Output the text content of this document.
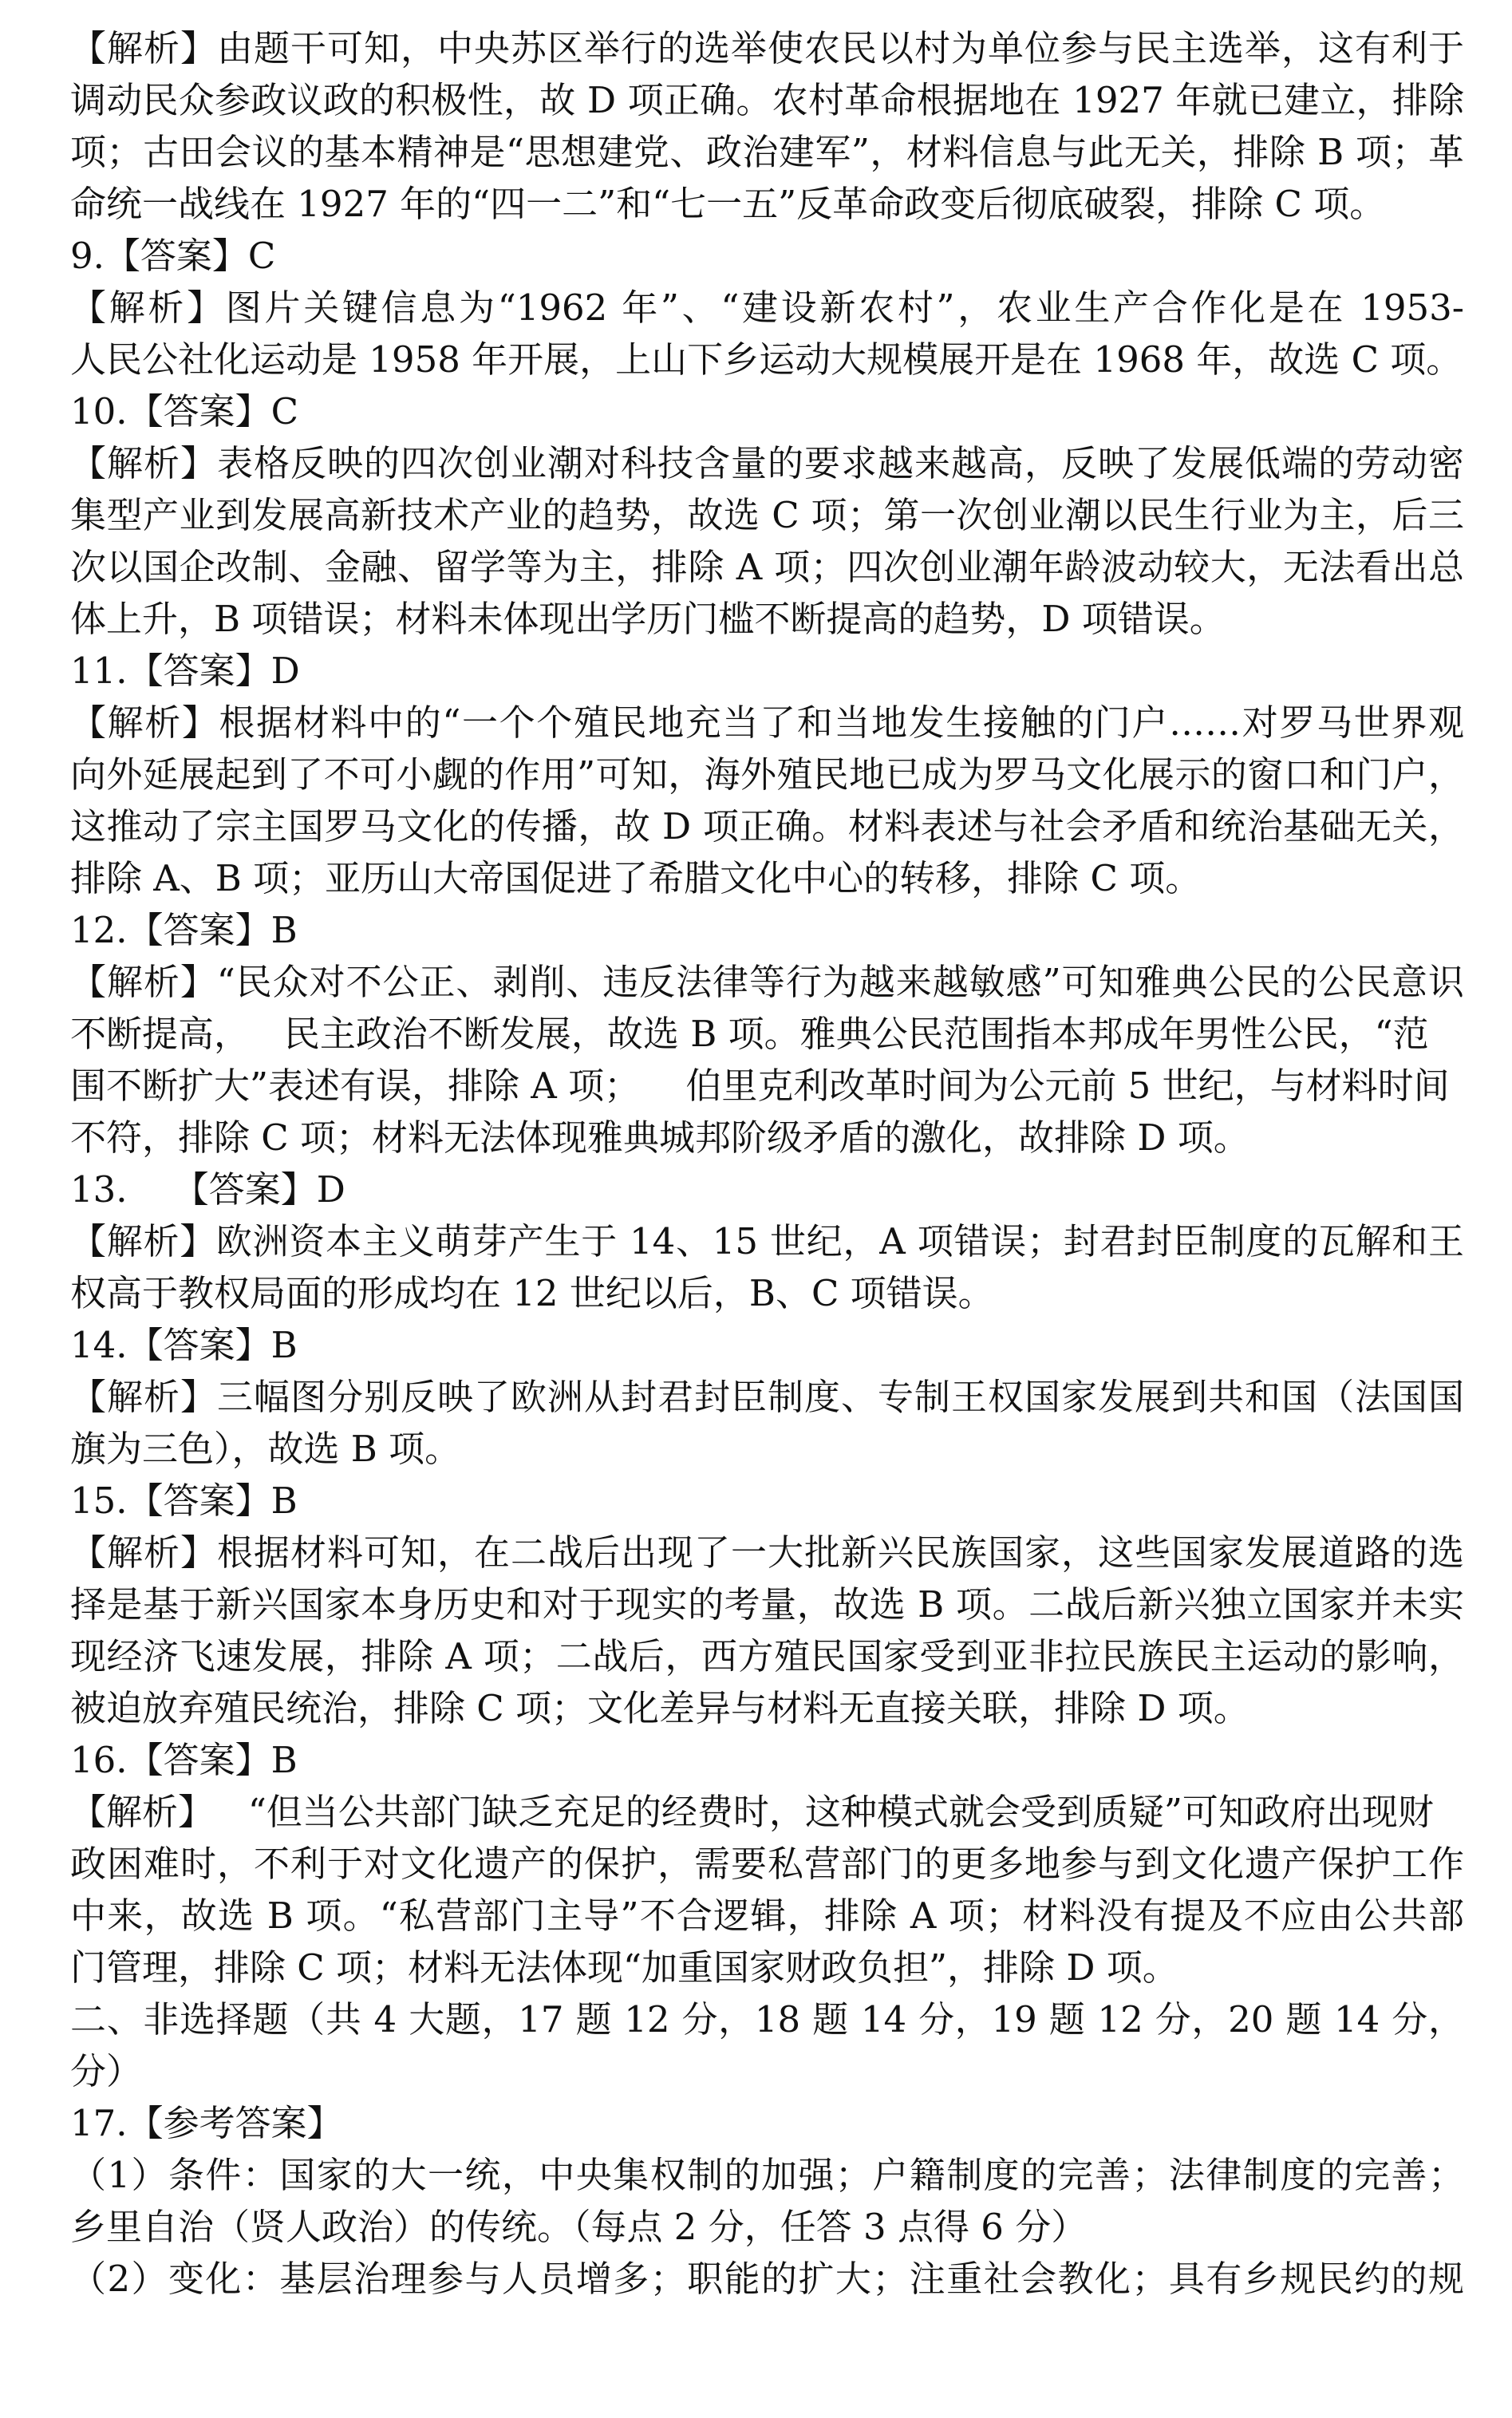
【解析】由题干可知，中央苏区举行的选举使农民以村为单位参与民主选举，这有利于
调动民众参政议政的积极性，故 D 项正确。农村革命根据地在 1927 年就已建立，排除
项；古田会议的基本精神是“思想建党、政治建军”，材料信息与此无关，排除 B 项；革
命统一战线在 1927 年的“四一二”和“七一五”反革命政变后彻底破裂，排除 C 项。
9.【答案】C
【解析】图片关键信息为“1962 年”、“建设新农村”，农业生产合作化是在 1953-
人民公社化运动是 1958 年开展，上山下乡运动大规模展开是在 1968 年，故选 C 项。
10.【答案】C
【解析】表格反映的四次创业潮对科技含量的要求越来越高，反映了发展低端的劳动密
集型产业到发展高新技术产业的趋势，故选 C 项；第一次创业潮以民生行业为主，后三
次以国企改制、金融、留学等为主，排除 A 项；四次创业潮年龄波动较大，无法看出总
体上升，B 项错误；材料未体现出学历门槛不断提高的趋势，D 项错误。
11.【答案】D
【解析】根据材料中的“一个个殖民地充当了和当地发生接触的门户……对罗马世界观
向外延展起到了不可小觑的作用”可知，海外殖民地已成为罗马文化展示的窗口和门户，
这推动了宗主国罗马文化的传播，故 D 项正确。材料表述与社会矛盾和统治基础无关，
排除 A、B 项；亚历山大帝国促进了希腊文化中心的转移，排除 C 项。
12.【答案】B
【解析】“民众对不公正、剥削、违反法律等行为越来越敏感”可知雅典公民的公民意识
不断提高，   民主政治不断发展，故选 B 项。雅典公民范围指本邦成年男性公民，“范
围不断扩大”表述有误，排除 A 项；    伯里克利改革时间为公元前 5 世纪，与材料时间
不符，排除 C 项；材料无法体现雅典城邦阶级矛盾的激化，故排除 D 项。
13.    【答案】D
【解析】欧洲资本主义萌芽产生于 14、15 世纪，A 项错误；封君封臣制度的瓦解和王
权高于教权局面的形成均在 12 世纪以后，B、C 项错误。
14.【答案】B
【解析】三幅图分别反映了欧洲从封君封臣制度、专制王权国家发展到共和国（法国国
旗为三色），故选 B 项。
15.【答案】B
【解析】根据材料可知，在二战后出现了一大批新兴民族国家，这些国家发展道路的选
择是基于新兴国家本身历史和对于现实的考量，故选 B 项。二战后新兴独立国家并未实
现经济飞速发展，排除 A 项；二战后，西方殖民国家受到亚非拉民族民主运动的影响，
被迫放弃殖民统治，排除 C 项；文化差异与材料无直接关联，排除 D 项。
16.【答案】B
【解析】   “但当公共部门缺乏充足的经费时，这种模式就会受到质疑”可知政府出现财
政困难时，不利于对文化遗产的保护，需要私营部门的更多地参与到文化遗产保护工作
中来，故选 B 项。“私营部门主导”不合逻辑，排除 A 项；材料没有提及不应由公共部
门管理，排除 C 项；材料无法体现“加重国家财政负担”，排除 D 项。
二、非选择题（共 4 大题，17 题 12 分，18 题 14 分，19 题 12 分，20 题 14 分，
分）
17.【参考答案】
（1）条件：国家的大一统，中央集权制的加强；户籍制度的完善；法律制度的完善；
乡里自治（贤人政治）的传统。（每点 2 分，任答 3 点得 6 分）
（2）变化：基层治理参与人员增多；职能的扩大；注重社会教化；具有乡规民约的规
